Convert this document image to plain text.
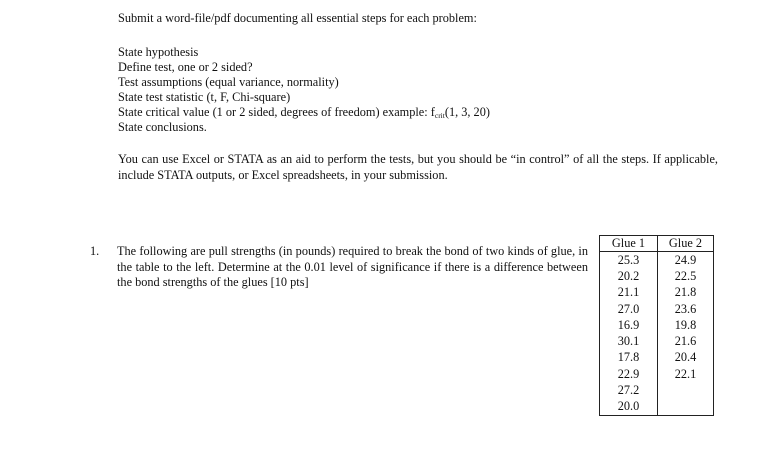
Submit a word-file/pdf documenting all essential steps for each problem:
State hypothesis
Define test, one or 2 sided?
Test assumptions (equal variance, normality)
State test statistic (t, F, Chi-square)
State critical value (1 or 2 sided, degrees of freedom) example: fcrit(1, 3, 20)
State conclusions.
You can use Excel or STATA as an aid to perform the tests, but you should be “in control” of all the steps. If applicable, include STATA outputs, or Excel spreadsheets, in your submission.
1. The following are pull strengths (in pounds) required to break the bond of two kinds of glue, in the table to the left. Determine at the 0.01 level of significance if there is a difference between the bond strengths of the glues [10 pts]
Glue 1	Glue 2
25.3	24.9
20.2	22.5
21.1	21.8
27.0	23.6
16.9	19.8
30.1	21.6
17.8	20.4
22.9	22.1
27.2	
20.0	
